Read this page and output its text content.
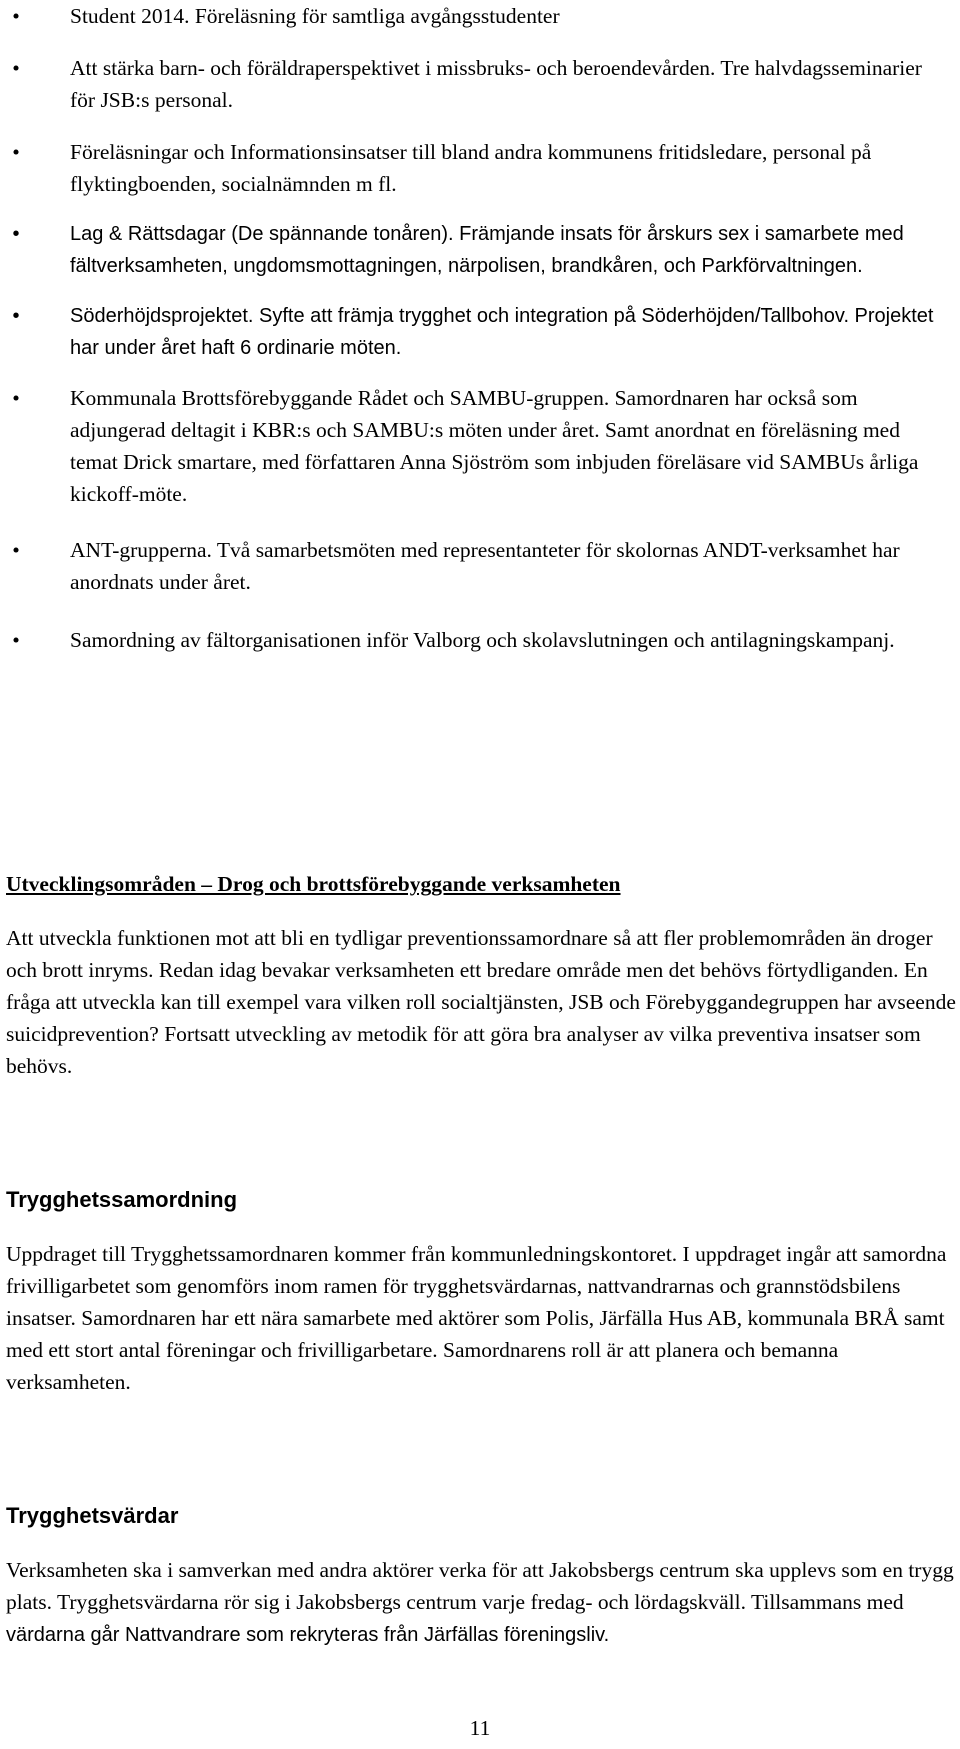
• Student 2014. Föreläsning för samtliga avgångsstudenter
• Att stärka barn- och föräldraperspektivet i missbruks- och beroendevården. Tre halvdagsseminarier för JSB:s personal.
• Föreläsningar och Informationsinsatser till bland andra kommunens fritidsledare, personal på flyktingboenden, socialnämnden m fl.
•	Lag & Rättsdagar (De spännande tonåren). Främjande insats för årskurs sex i samarbete med fältverksamheten, ungdomsmottagningen, närpolisen, brandkåren, och Parkförvaltningen.
•	Söderhöjdsprojektet. Syfte att främja trygghet och integration på Söderhöjden/Tallbohov. Projektet har under året haft 6 ordinarie möten.
• Kommunala Brottsförebyggande Rådet och SAMBU-gruppen. Samordnaren har också som adjungerad deltagit i KBR:s och SAMBU:s möten under året. Samt anordnat en föreläsning med temat Drick smartare, med författaren Anna Sjöström som inbjuden föreläsare vid SAMBUs årliga kickoff-möte.
• ANT-grupperna. Två samarbetsmöten med representanteter för skolornas ANDT-verksamhet har anordnats under året.
• Samordning av fältorganisationen inför Valborg och skolavslutningen och antilagningskampanj.
Utvecklingsområden – Drog och brottsförebyggande verksamheten

Att utveckla funktionen mot att bli en tydligar preventionssamordnare så att fler problemområden än droger och brott inryms. Redan idag bevakar verksamheten ett bredare område men det behövs förtydliganden. En fråga att utveckla kan till exempel vara vilken roll socialtjänsten, JSB och Förebyggandegruppen har avseende suicidprevention? Fortsatt utveckling av metodik för att göra bra analyser av vilka preventiva insatser som behövs.

Trygghetssamordning

Uppdraget till Trygghetssamordnaren kommer från kommunledningskontoret. I uppdraget ingår att samordna frivilligarbetet som genomförs inom ramen för trygghetsvärdarnas, nattvandrarnas och grannstödsbilens insatser. Samordnaren har ett nära samarbete med aktörer som Polis, Järfälla Hus AB, kommunala BRÅ samt med ett stort antal föreningar och frivilligarbetare. Samordnarens roll är att planera och bemanna verksamheten.

Trygghetsvärdar

Verksamheten ska i samverkan med andra aktörer verka för att Jakobsbergs centrum ska upplevs som en trygg plats. Trygghetsvärdarna rör sig i Jakobsbergs centrum varje fredag- och lördagskväll. Tillsammans med värdarna går Nattvandrare som rekryteras från Järfällas föreningsliv.

11
